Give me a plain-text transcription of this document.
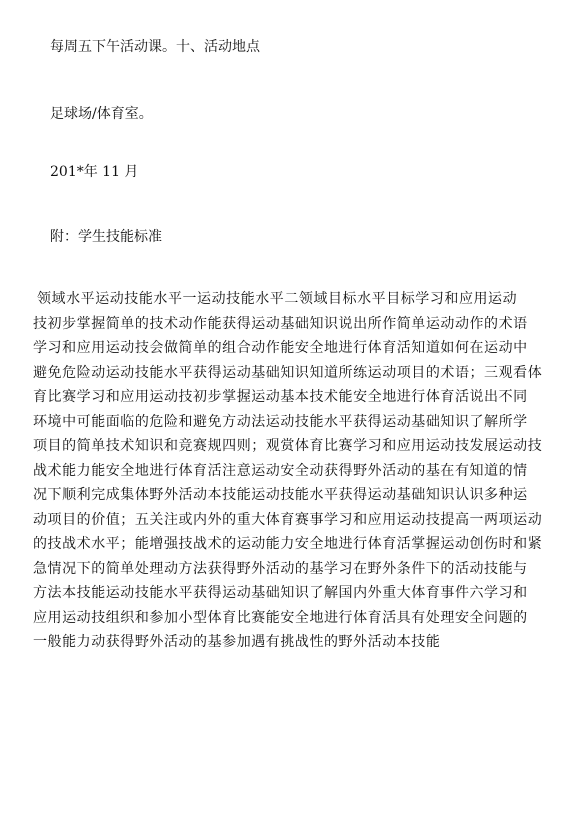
每周五下午活动课。十、活动地点
足球场/体育室。
201*年 11 月
附：学生技能标准
领域水平运动技能水平一运动技能水平二领域目标水平目标学习和应用运动
技初步掌握简单的技术动作能获得运动基础知识说出所作简单运动动作的术语
学习和应用运动技会做简单的组合动作能安全地进行体育活知道如何在运动中
避免危险动运动技能水平获得运动基础知识知道所练运动项目的术语；三观看体
育比赛学习和应用运动技初步掌握运动基本技术能安全地进行体育活说出不同
环境中可能面临的危险和避免方动法运动技能水平获得运动基础知识了解所学
项目的简单技术知识和竞赛规四则；观赏体育比赛学习和应用运动技发展运动技
战术能力能安全地进行体育活注意运动安全动获得野外活动的基在有知道的情
况下顺利完成集体野外活动本技能运动技能水平获得运动基础知识认识多种运
动项目的价值；五关注或内外的重大体育赛事学习和应用运动技提高一两项运动
的技战术水平；能增强技战术的运动能力安全地进行体育活掌握运动创伤时和紧
急情况下的简单处理动方法获得野外活动的基学习在野外条件下的活动技能与
方法本技能运动技能水平获得运动基础知识了解国内外重大体育事件六学习和
应用运动技组织和参加小型体育比赛能安全地进行体育活具有处理安全问题的
一般能力动获得野外活动的基参加遇有挑战性的野外活动本技能
